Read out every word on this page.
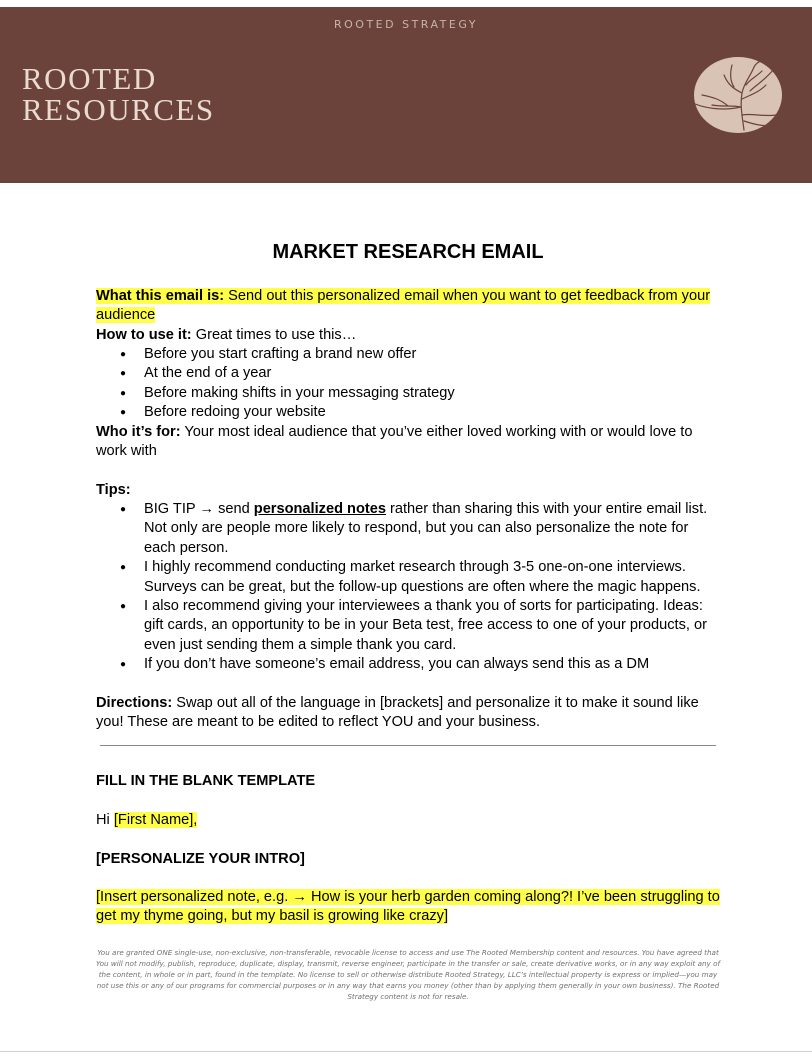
ROOTED STRATEGY
ROOTED
RESOURCES
MARKET RESEARCH EMAIL
What this email is: Send out this personalized email when you want to get feedback from your audience
How to use it: Great times to use this…
● Before you start crafting a brand new offer
● At the end of a year
● Before making shifts in your messaging strategy
● Before redoing your website
Who it’s for: Your most ideal audience that you’ve either loved working with or would love to work with
Tips:
● BIG TIP → send personalized notes rather than sharing this with your entire email list. Not only are people more likely to respond, but you can also personalize the note for each person.
● I highly recommend conducting market research through 3-5 one-on-one interviews. Surveys can be great, but the follow-up questions are often where the magic happens.
● I also recommend giving your interviewees a thank you of sorts for participating. Ideas: gift cards, an opportunity to be in your Beta test, free access to one of your products, or even just sending them a simple thank you card.
● If you don’t have someone’s email address, you can always send this as a DM
Directions: Swap out all of the language in [brackets] and personalize it to make it sound like you! These are meant to be edited to reflect YOU and your business.
FILL IN THE BLANK TEMPLATE
Hi [First Name],
[PERSONALIZE YOUR INTRO]
[Insert personalized note, e.g. → How is your herb garden coming along?! I’ve been struggling to get my thyme going, but my basil is growing like crazy]
You are granted ONE single-use, non-exclusive, non-transferable, revocable license to access and use The Rooted Membership content and resources. You have agreed that You will not modify, publish, reproduce, duplicate, display, transmit, reverse engineer, participate in the transfer or sale, create derivative works, or in any way exploit any of the content, in whole or in part, found in the template. No license to sell or otherwise distribute Rooted Strategy, LLC’s intellectual property is express or implied—you may not use this or any of our programs for commercial purposes or in any way that earns you money (other than by applying them generally in your own business). The Rooted Strategy content is not for resale.
